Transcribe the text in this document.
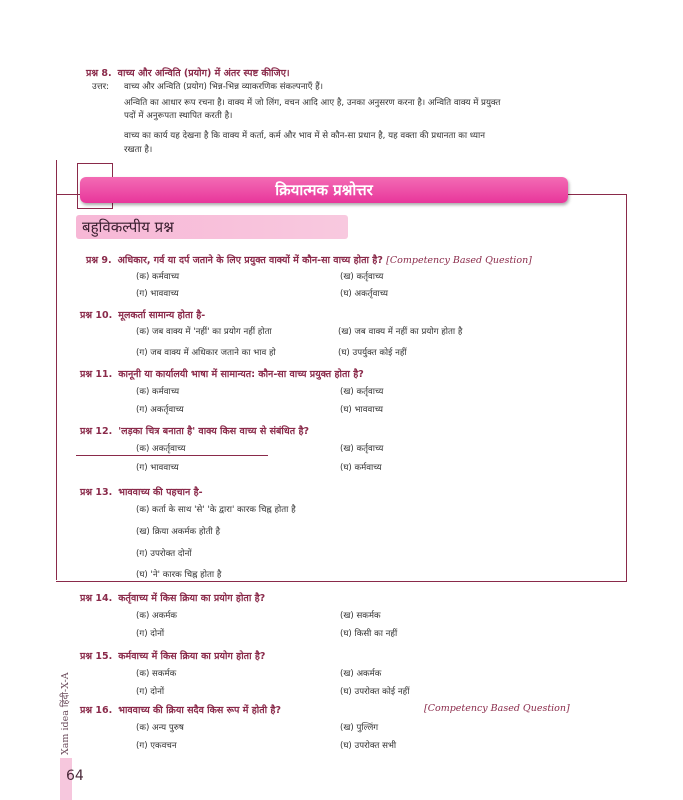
प्रश्न 8. वाच्य और अन्विति (प्रयोग) में अंतर स्पष्ट कीजिए।
उत्तर: वाच्य और अन्विति (प्रयोग) भिन्न-भिन्न व्याकरणिक संकल्पनाएँ हैं।
अन्विति का आधार रूप रचना है। वाक्य में जो लिंग, वचन आदि आए है, उनका अनुसरण करना है। अन्विति वाक्य में प्रयुक्त
पदों में अनुरूपता स्थापित करती है।
वाच्य का कार्य यह देखना है कि वाक्य में कर्ता, कर्म और भाव में से कौन-सा प्रधान है, यह वक्ता की प्रधानता का ध्यान
रखता है।
क्रियात्मक प्रश्नोत्तर
बहुविकल्पीय प्रश्न
प्रश्न 9. अधिकार, गर्व या दर्प जताने के लिए प्रयुक्त वाक्यों में कौन-सा वाच्य होता है? [Competency Based Question]
(क) कर्मवाच्य	(ख) कर्तृवाच्य
(ग) भाववाच्य	(घ) अकर्तृवाच्य
प्रश्न 10. मूलकर्ता सामान्य होता है-
(क) जब वाक्य में 'नहीं' का प्रयोग नहीं होता	(ख) जब वाक्य में नहीं का प्रयोग होता है
(ग) जब वाक्य में अधिकार जताने का भाव हो	(घ) उपर्युक्त कोई नहीं
प्रश्न 11. कानूनी या कार्यालयी भाषा में सामान्यत: कौन-सा वाच्य प्रयुक्त होता है?
(क) कर्मवाच्य	(ख) कर्तृवाच्य
(ग) अकर्तृवाच्य	(घ) भाववाच्य
प्रश्न 12. 'लड़का चित्र बनाता है' वाक्य किस वाच्य से संबंधित है?
(क) अकर्तृवाच्य	(ख) कर्तृवाच्य
(ग) भाववाच्य	(घ) कर्मवाच्य
प्रश्न 13. भाववाच्य की पहचान है-
(क) कर्ता के साथ 'से' 'के द्वारा' कारक चिह्न होता है
(ख) क्रिया अकर्मक होती है
(ग) उपरोक्त दोनों
(घ) 'ने' कारक चिह्न होता है
प्रश्न 14. कर्तृवाच्य में किस क्रिया का प्रयोग होता है?
(क) अकर्मक	(ख) सकर्मक
(ग) दोनों	(घ) किसी का नहीं
प्रश्न 15. कर्मवाच्य में किस क्रिया का प्रयोग होता है?
(क) सकर्मक	(ख) अकर्मक
(ग) दोनों	(घ) उपरोक्त कोई नहीं
प्रश्न 16. भाववाच्य की क्रिया सदैव किस रूप में होती है?	[Competency Based Question]
(क) अन्य पुरुष	(ख) पुल्लिंग
(ग) एकवचन	(घ) उपरोक्त सभी
Xam idea हिंदी-X-A
64
